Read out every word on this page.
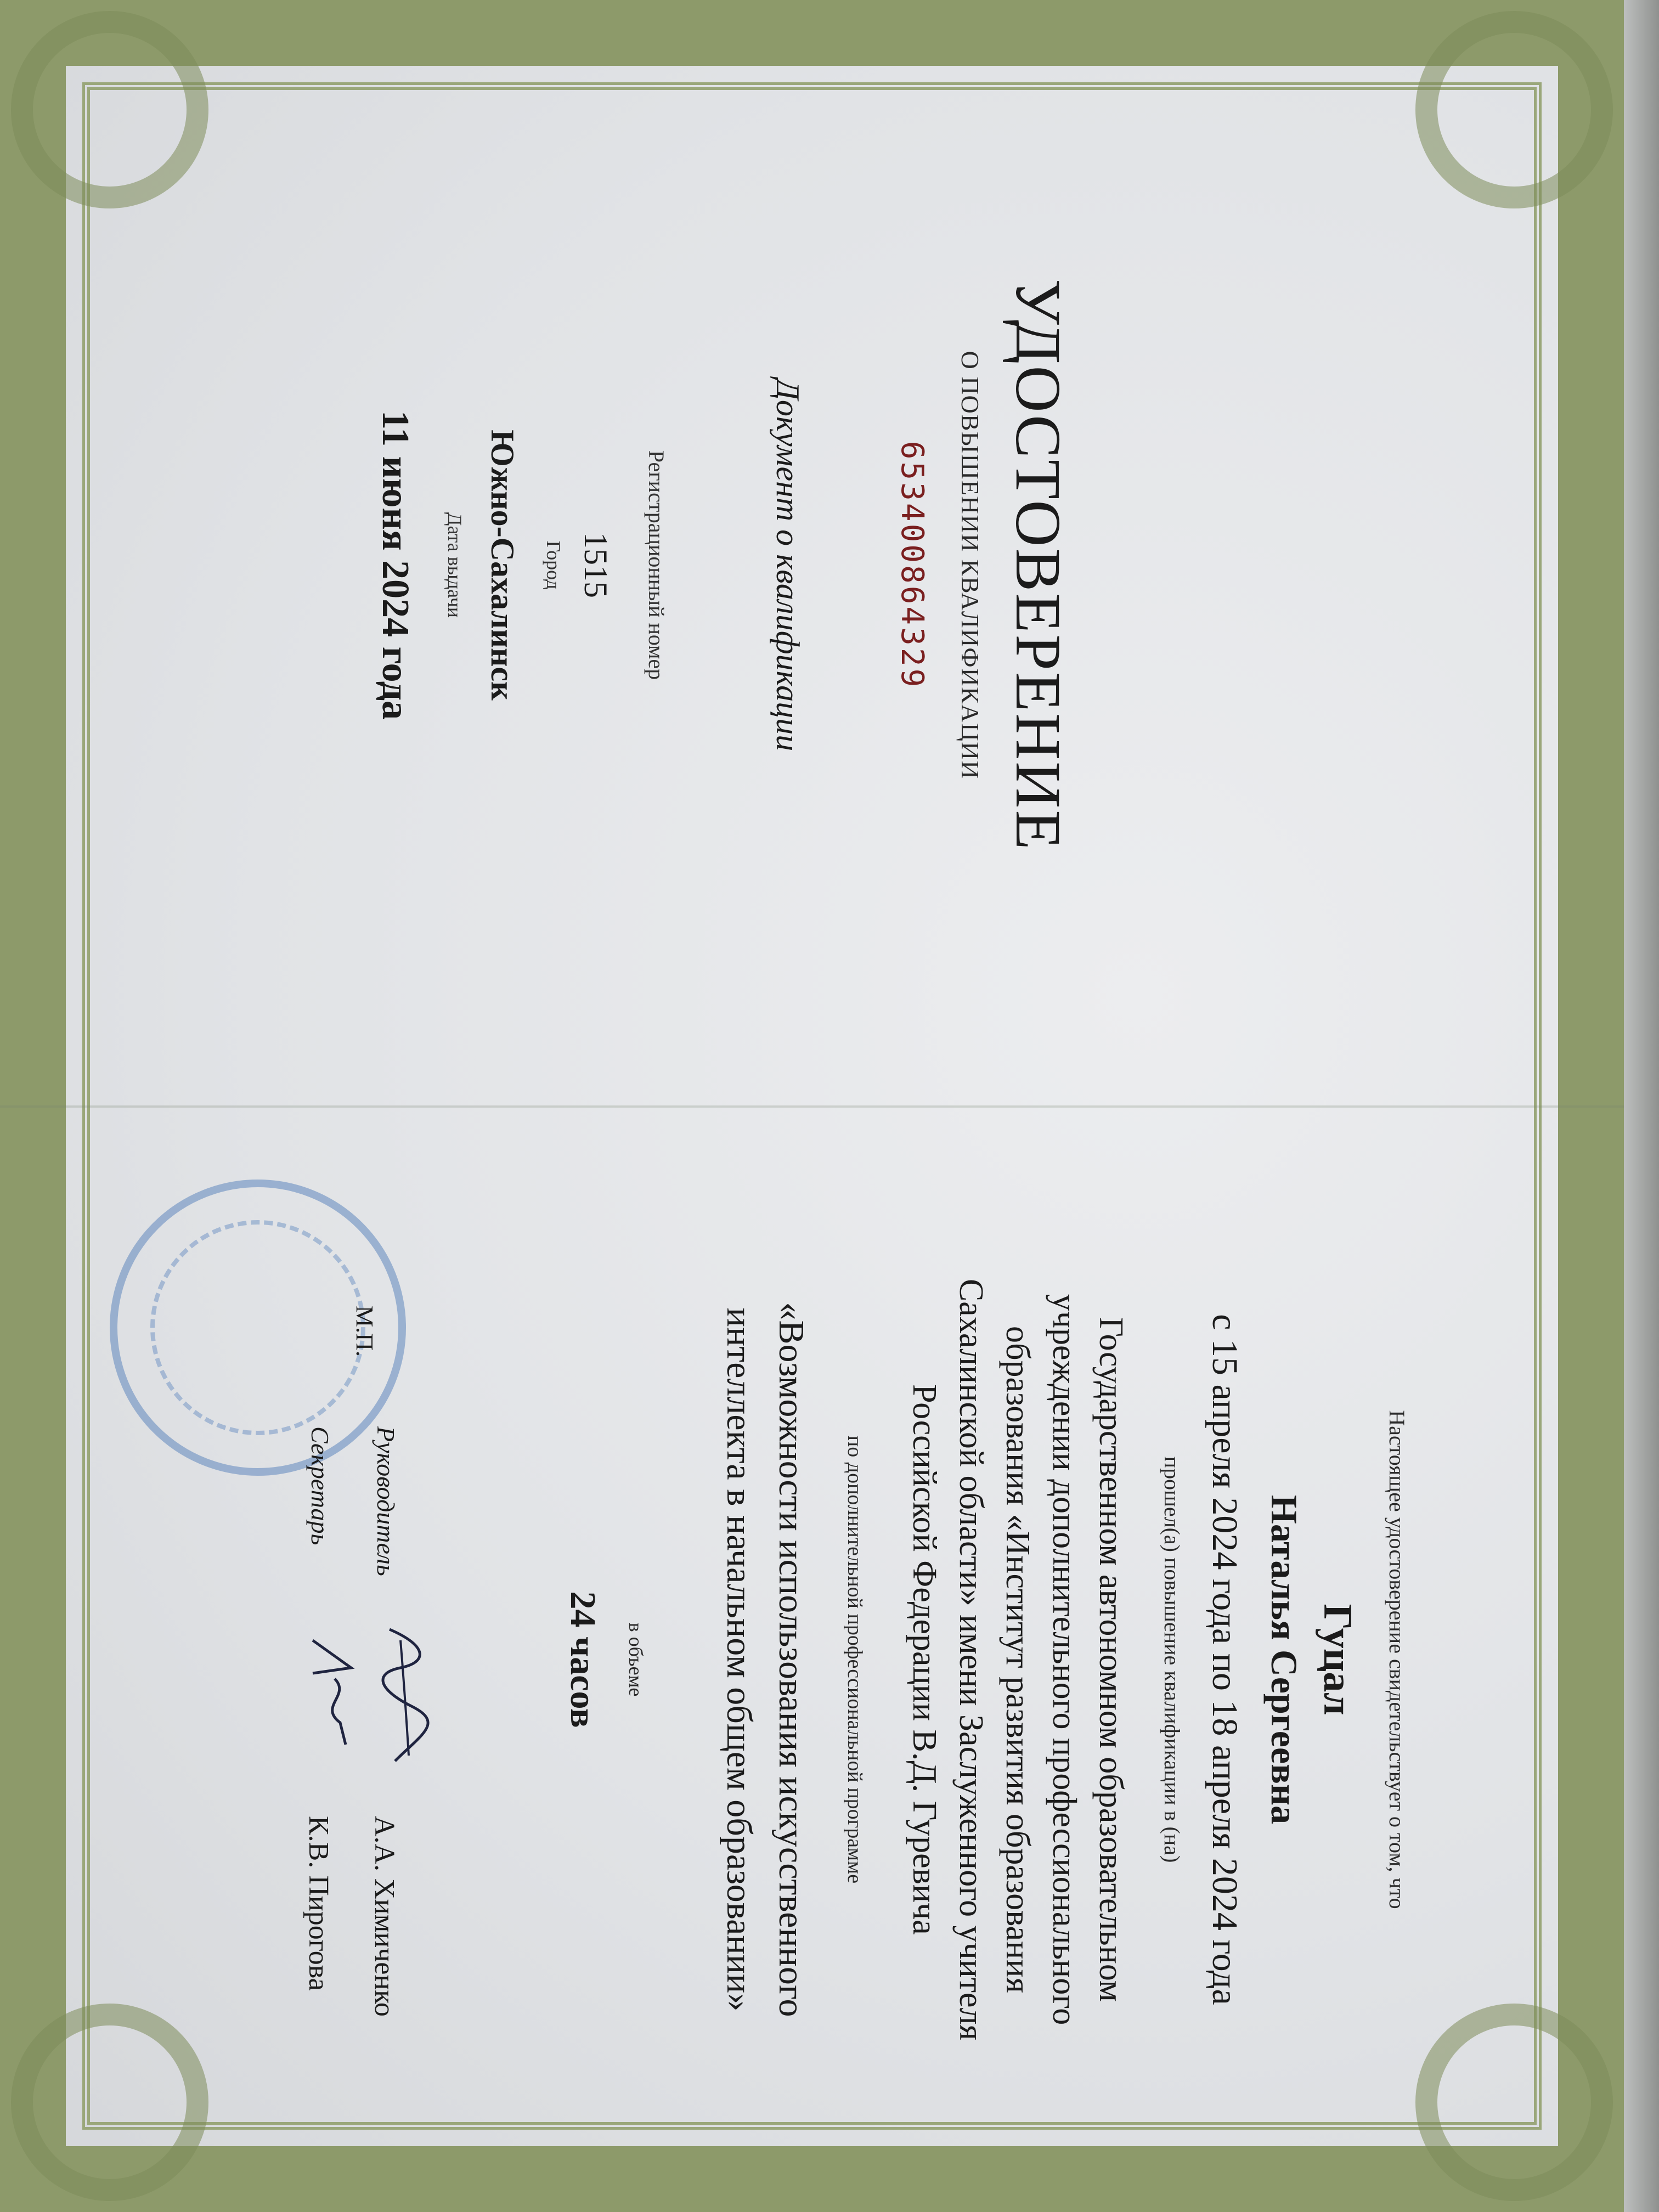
УДОСТОВЕРЕНИЕ
О ПОВЫШЕНИИ КВАЛИФИКАЦИИ
653400864329
Документ о квалификации
Регистрационный номер
1515
Город
Южно-Сахалинск
Дата выдачи
11 июня 2024 года
Настоящее удостоверение свидетельствует о том, что
Гуцал
Наталья Сергеевна
с 15 апреля 2024 года по 18 апреля 2024 года
прошел(а) повышение квалификации в (на)
Государственном автономном образовательном
учреждении дополнительного профессионального
образования «Институт развития образования
Сахалинской области» имени Заслуженного учителя
Российской Федерации В.Д. Гуревича
по дополнительной профессиональной программе
«Возможности использования искусственного
интеллекта в начальном общем образовании»
в объеме
24 часов
М.П.
Руководитель
Секретарь
А.А. Химиченко
К.В. Пирогова
